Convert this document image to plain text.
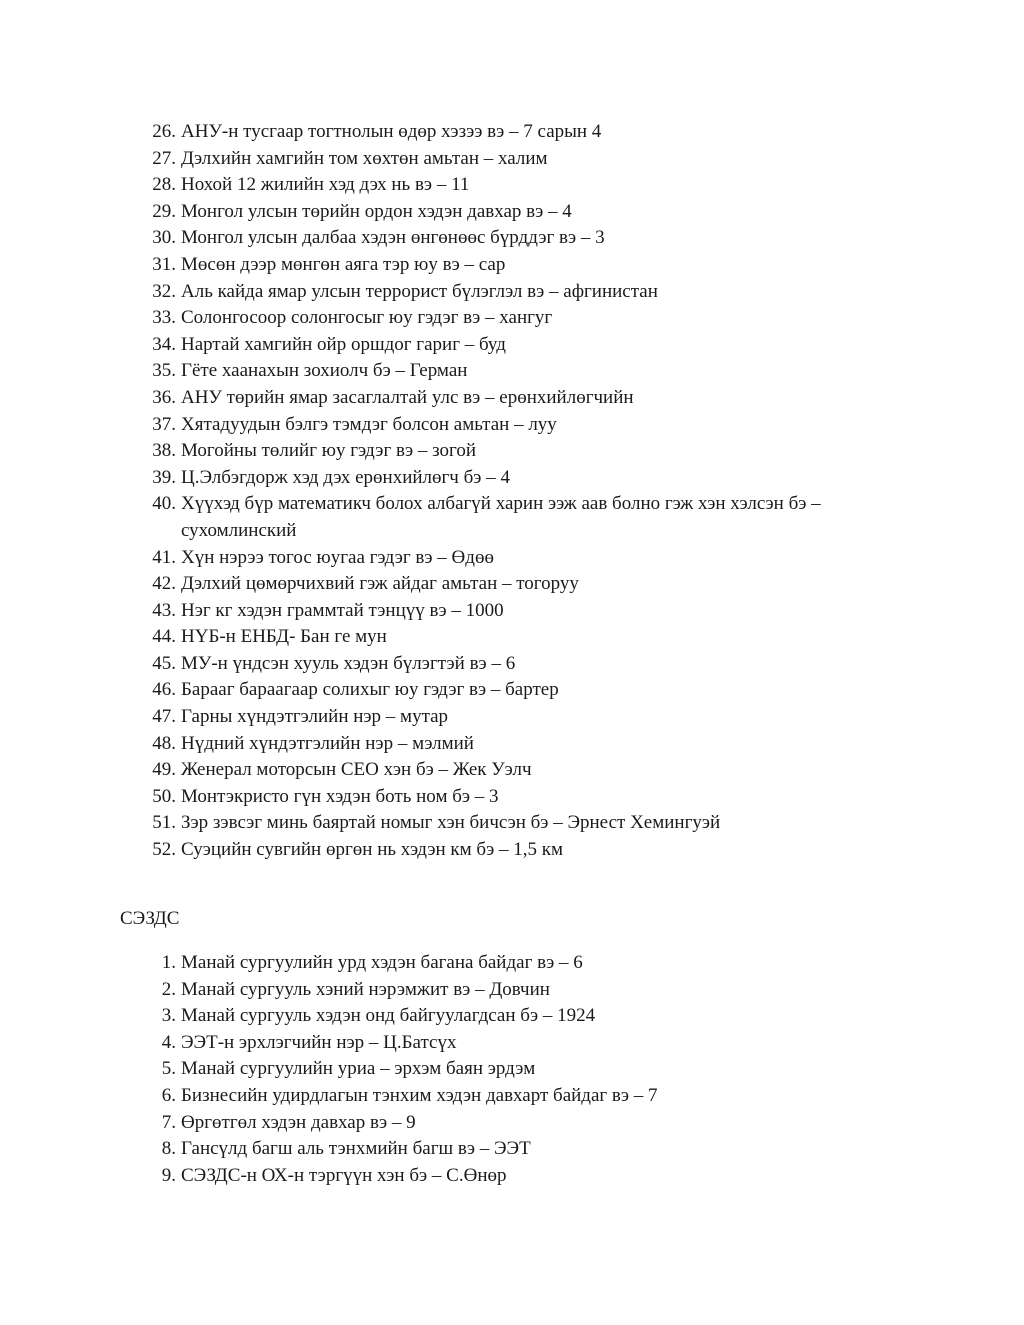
26. АНУ-н тусгаар тогтнолын өдөр хэзээ вэ – 7 сарын 4
27. Дэлхийн хамгийн том хөхтөн амьтан – халим
28. Нохой 12 жилийн хэд дэх нь вэ – 11
29. Монгол улсын төрийн ордон хэдэн давхар вэ – 4
30. Монгол улсын далбаа хэдэн өнгөнөөс бүрддэг вэ – 3
31. Мөсөн дээр мөнгөн аяга тэр юу вэ – сар
32. Аль кайда ямар улсын террорист бүлэглэл вэ – афгинистан
33. Солонгосоор солонгосыг юу гэдэг вэ – хангуг
34. Нартай хамгийн ойр оршдог гариг – буд
35. Гёте хаанахын зохиолч бэ – Герман
36. АНУ төрийн ямар засаглалтай улс вэ – ерөнхийлөгчийн
37. Хятадуудын бэлгэ тэмдэг болсон амьтан – луу
38. Могойны төлийг юу гэдэг вэ – зогой
39. Ц.Элбэгдорж хэд дэх ерөнхийлөгч бэ – 4
40. Хүүхэд бүр математикч болох албагүй харин ээж аав болно гэж хэн хэлсэн бэ – сухомлинский
41. Хүн нэрээ тогос юугаа гэдэг вэ – Өдөө
42. Дэлхий цөмөрчихвий гэж айдаг амьтан – тогоруу
43. Нэг кг хэдэн граммтай тэнцүү вэ – 1000
44. НҮБ-н ЕНБД- Бан ге мун
45. МУ-н үндсэн хууль хэдэн бүлэгтэй вэ – 6
46. Барааг бараагаар солихыг юу гэдэг вэ – бартер
47. Гарны хүндэтгэлийн нэр – мутар
48. Нүдний хүндэтгэлийн нэр – мэлмий
49. Женерал моторсын CEO хэн бэ – Жек Уэлч
50. Монтэкристо гүн хэдэн боть ном бэ – 3
51. Зэр зэвсэг минь баяртай номыг хэн бичсэн бэ – Эрнест Хемингуэй
52. Суэцийн сувгийн өргөн нь хэдэн км бэ – 1,5 км
СЭЗДС
1. Манай сургуулийн урд хэдэн багана байдаг вэ – 6
2. Манай сургууль хэний нэрэмжит вэ – Довчин
3. Манай сургууль хэдэн онд байгуулагдсан бэ – 1924
4. ЭЭТ-н эрхлэгчийн нэр – Ц.Батсүх
5. Манай сургуулийн уриа – эрхэм баян эрдэм
6. Бизнесийн удирдлагын тэнхим хэдэн давхарт байдаг вэ – 7
7. Өргөтгөл хэдэн давхар вэ – 9
8. Гансүлд багш аль тэнхмийн багш вэ – ЭЭТ
9. СЭЗДС-н ОХ-н тэргүүн хэн бэ – С.Өнөр
